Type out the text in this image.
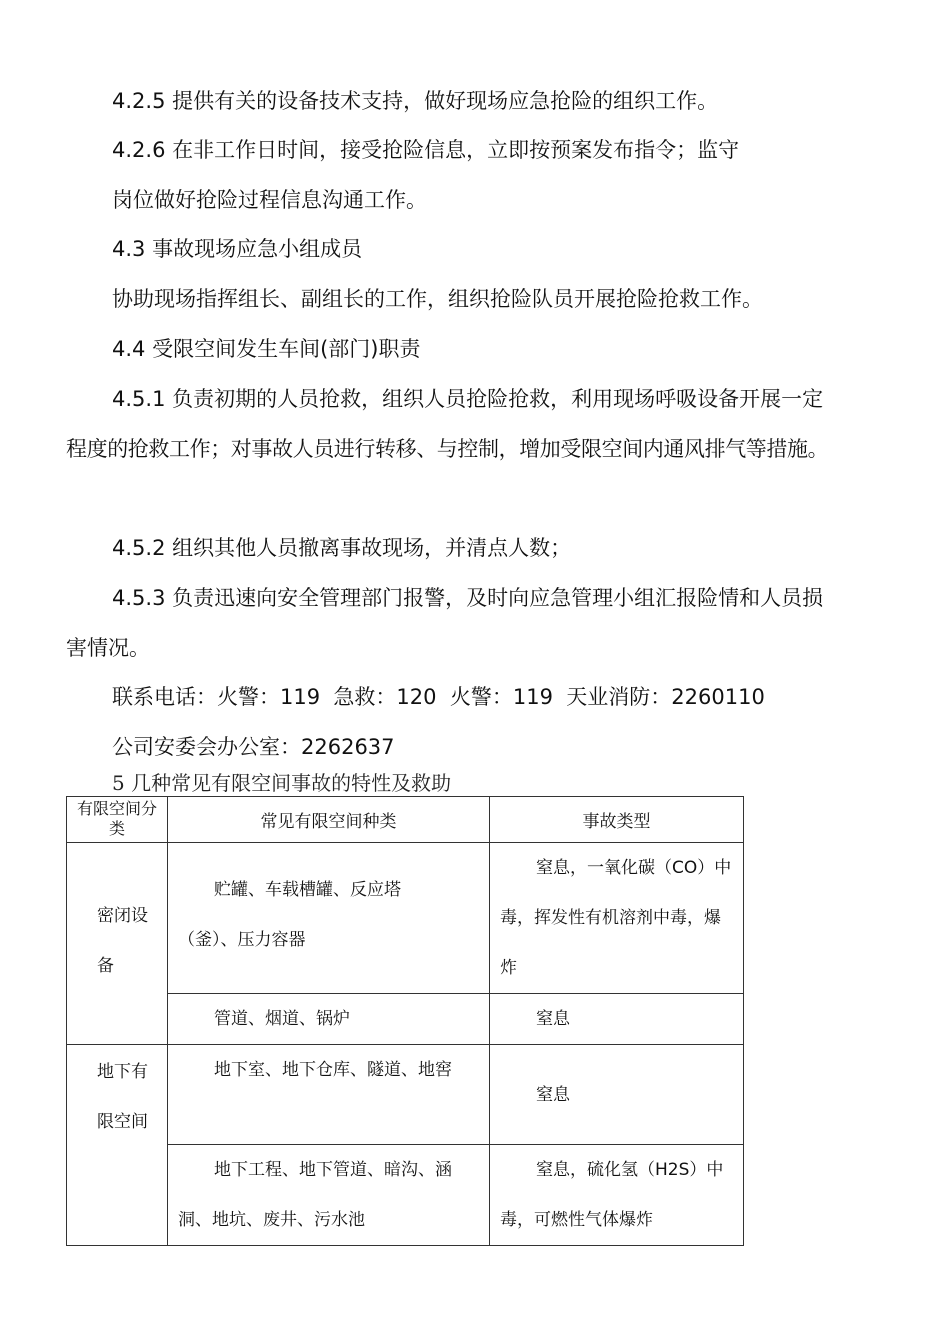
4.2.5 提供有关的设备技术支持，做好现场应急抢险的组织工作。
4.2.6 在非工作日时间，接受抢险信息，立即按预案发布指令；监守
岗位做好抢险过程信息沟通工作。
4.3 事故现场应急小组成员
协助现场指挥组长、副组长的工作，组织抢险队员开展抢险抢救工作。
4.4 受限空间发生车间(部门)职责
4.5.1 负责初期的人员抢救，组织人员抢险抢救，利用现场呼吸设备开展一定
程度的抢救工作；对事故人员进行转移、与控制，增加受限空间内通风排气等措施。
4.5.2 组织其他人员撤离事故现场，并清点人数；
4.5.3 负责迅速向安全管理部门报警，及时向应急管理小组汇报险情和人员损
害情况。
联系电话：火警：119  急救：120  火警：119  天业消防：2260110
公司安委会办公室：2262637
5 几种常见有限空间事故的特性及救助
有限空间分类	常见有限空间种类	事故类型

密闭设备	贮罐、车载槽罐、反应塔（釜）、压力容器	窒息，一氧化碳（CO）中毒，挥发性有机溶剂中毒，爆炸

	管道、烟道、锅炉	窒息

地下有限空间	地下室、地下仓库、隧道、地窖	窒息

	地下工程、地下管道、暗沟、涵洞、地坑、废井、污水池	窒息，硫化氢（H2S）中毒，可燃性气体爆炸
